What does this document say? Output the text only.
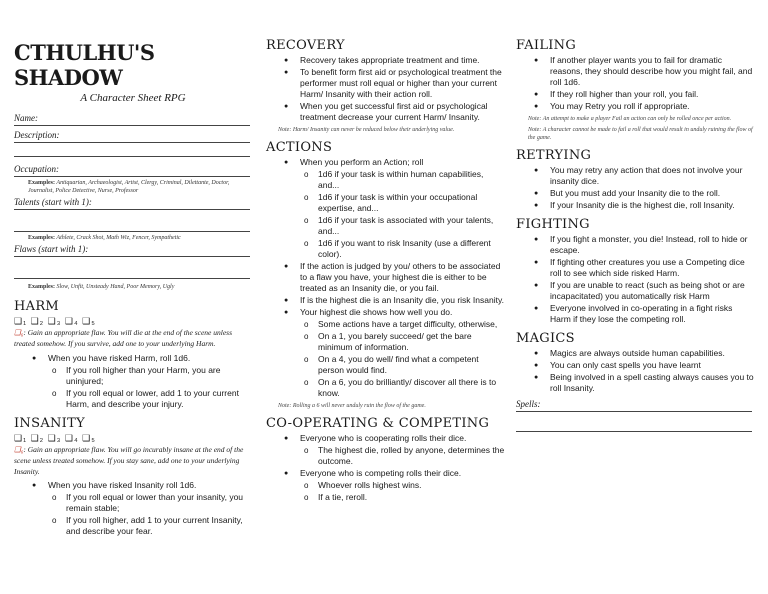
CTHULHU'S SHADOW
A Character Sheet RPG
Name:
Description:
Occupation:
Examples: Antiquarian, Archaeologist, Artist, Clergy, Criminal, Dilettante, Doctor, Journalist, Police Detective, Nurse, Professor
Talents (start with 1):
Examples: Athlete, Crack Shot, Math Wiz, Fencer, Sympathetic
Flaws (start with 1):
Examples: Slow, Unfit, Unsteady Hand, Poor Memory, Ugly
HARM
❑₁ ❑₂ ❑₃ ❑₄ ❑₅
❑₆: Gain an appropriate flaw. You will die at the end of the scene unless treated somehow. If you survive, add one to your underlying Harm.
● When you have risked Harm, roll 1d6.
o If you roll higher than your Harm, you are uninjured;
o If you roll equal or lower, add 1 to your current Harm, and describe your injury.
INSANITY
❑₁ ❑₂ ❑₃ ❑₄ ❑₅
❑₆: Gain an appropriate flaw. You will go incurably insane at the end of the scene unless treated somehow. If you stay sane, add one to your underlying Insanity.
● When you have risked Insanity roll 1d6.
o If you roll equal or lower than your insanity, you remain stable;
o If you roll higher, add 1 to your current Insanity, and describe your fear.
RECOVERY
● Recovery takes appropriate treatment and time.
● To benefit form first aid or psychological treatment the performer must roll equal or higher than your current Harm/ Insanity with their action roll.
● When you get successful first aid or psychological treatment decrease your current Harm/ Insanity.
Note: Harm/ Insanity can never be reduced below their underlying value.
ACTIONS
● When you perform an Action; roll
o 1d6 if your task is within human capabilities, and...
o 1d6 if your task is within your occupational expertise, and...
o 1d6 if your task is associated with your talents, and...
o 1d6 if you want to risk Insanity (use a different color).
● If the action is judged by you/ others to be associated to a flaw you have, your highest die is either to be treated as an Insanity die, or you fail.
● If is the highest die is an Insanity die, you risk Insanity.
● Your highest die shows how well you do.
o Some actions have a target difficulty, otherwise,
o On a 1, you barely succeed/ get the bare minimum of information.
o On a 4, you do well/ find what a competent person would find.
o On a 6, you do brilliantly/ discover all there is to know.
Note: Rolling a 6 will never unduly ruin the flow of the game.
CO-OPERATING & COMPETING
● Everyone who is cooperating rolls their dice.
o The highest die, rolled by anyone, determines the outcome.
● Everyone who is competing rolls their dice.
o Whoever rolls highest wins.
o If a tie, reroll.
FAILING
● If another player wants you to fail for dramatic reasons, they should describe how you might fail, and roll 1d6.
● If they roll higher than your roll, you fail.
● You may Retry you roll if appropriate.
Note: An attempt to make a player Fail an action can only be rolled once per action.
Note: A character cannot be made to fail a roll that would result in unduly ruining the flow of the game.
RETRYING
● You may retry any action that does not involve your insanity dice.
● But you must add your Insanity die to the roll.
● If your Insanity die is the highest die, roll Insanity.
FIGHTING
● If you fight a monster, you die! Instead, roll to hide or escape.
● If fighting other creatures you use a Competing dice roll to see which side risked Harm.
● If you are unable to react (such as being shot or are incapacitated) you automatically risk Harm
● Everyone involved in co-operating in a fight risks Harm if they lose the competing roll.
MAGICS
● Magics are always outside human capabilities.
● You can only cast spells you have learnt
● Being involved in a spell casting always causes you to roll Insanity.
Spells:
